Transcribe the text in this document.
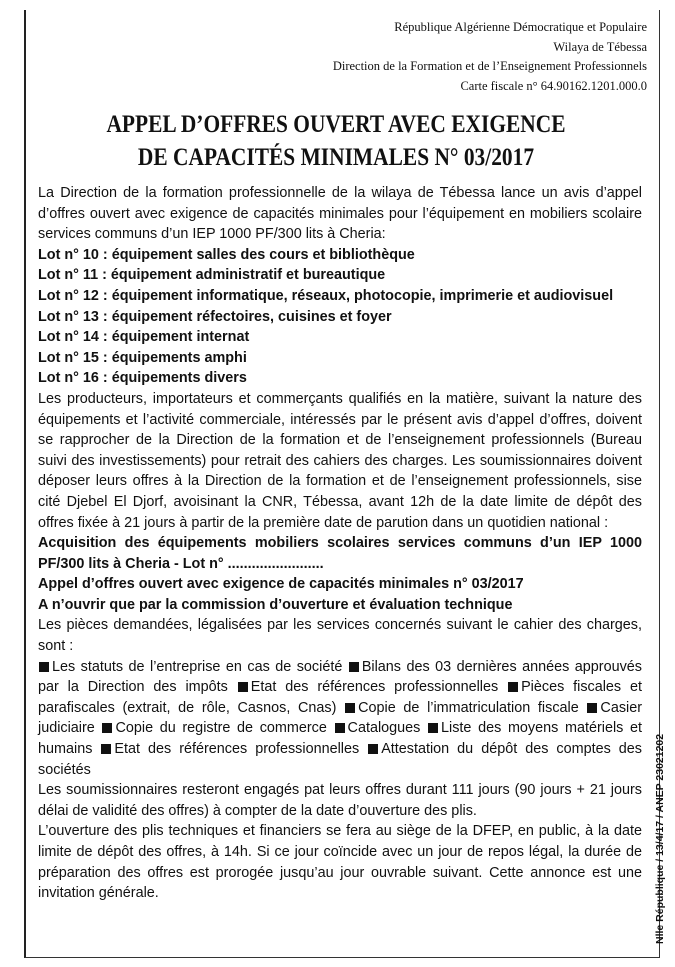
République Algérienne Démocratique et Populaire
Wilaya de Tébessa
Direction de la Formation et de l’Enseignement Professionnels
Carte fiscale n° 64.90162.1201.000.0
APPEL D’OFFRES OUVERT AVEC EXIGENCE
DE CAPACITÉS MINIMALES N° 03/2017

La Direction de la formation professionnelle de la wilaya de Tébessa lance un avis d’appel d’offres ouvert avec exigence de capacités minimales pour l’équipement en mobiliers scolaire services communs d’un IEP 1000 PF/300 lits à Cheria:

Lot n° 10 : équipement salles des cours et bibliothèque

Lot n° 11 : équipement administratif et bureautique

Lot n° 12 : équipement informatique, réseaux, photocopie, imprimerie et audiovisuel

Lot n° 13 : équipement réfectoires, cuisines et foyer

Lot n° 14 : équipement internat

Lot n° 15 : équipements amphi

Lot n° 16 : équipements divers

Les producteurs, importateurs et commerçants qualifiés en la matière, suivant la nature des équipements et l’activité commerciale, intéressés par le présent avis d’appel d’offres, doivent se rapprocher de la Direction de la formation et de l’enseignement professionnels (Bureau suivi des investissements) pour retrait des cahiers des charges. Les soumissionnaires doivent déposer leurs offres à la Direction de la formation et de l’enseignement professionnels, sise cité Djebel El Djorf, avoisinant la CNR, Tébessa, avant 12h de la date limite de dépôt des offres fixée à 21 jours à partir de la première date de parution dans un quotidien national :

Acquisition des équipements mobiliers scolaires services communs d’un IEP 1000 PF/300 lits à Cheria - Lot n° ........................

Appel d’offres ouvert avec exigence de capacités minimales n° 03/2017

A n’ouvrir que par la commission d’ouverture et évaluation technique

Les pièces demandées, légalisées par les services concernés suivant le cahier des charges, sont :

Les statuts de l’entreprise en cas de société Bilans des 03 dernières années approuvés par la Direction des impôts Etat des références professionnelles Pièces fiscales et parafiscales (extrait, de rôle, Casnos, Cnas) Copie de l’immatriculation fiscale Casier judiciaire Copie du registre de commerce Catalogues Liste des moyens matériels et humains Etat des références professionnelles Attestation du dépôt des comptes des sociétés

Les soumissionnaires resteront engagés pat leurs offres durant 111 jours (90 jours + 21 jours délai de validité des offres) à compter de la date d’ouverture des plis.

L’ouverture des plis techniques et financiers se fera au siège de la DFEP, en public, à la date limite de dépôt des offres, à 14h. Si ce jour coïncide avec un jour de repos légal, la durée de préparation des offres est prorogée jusqu’au jour ouvrable suivant. Cette annonce est une invitation générale.	Nlle République / 13/4/17 / ANEP 23021202
